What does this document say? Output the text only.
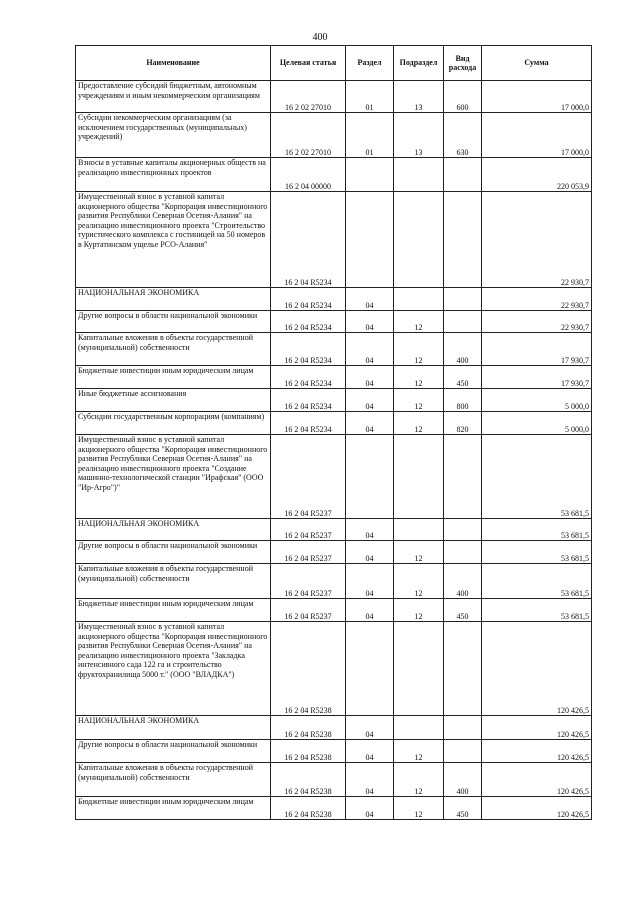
400
Наименование	Целевая статья	Раздел	Подраздел	Вид расхода	Сумма
Предоставление субсидий бюджетным, автономным учреждениям и иным некоммерческим организациям	16 2 02 27010	01	13	600	17 000,0
Субсидии некоммерческим организациям (за исключением государственных (муниципальных) учреждений)	16 2 02 27010	01	13	630	17 000,0
Взносы в уставные капиталы акционерных обществ на реализацию инвестиционных проектов	16 2 04 00000				220 053,9
Имущественный взнос в уставной капитал акционерного общества "Корпорация инвестиционного развития Республики Северная Осетия-Алания" на реализацию инвестиционного проекта "Строительство туристического комплекса с гостиницей на 50 номеров в Куртатинском ущелье РСО-Алания"	16 2 04 R5234				22 930,7
НАЦИОНАЛЬНАЯ ЭКОНОМИКА	16 2 04 R5234	04			22 930,7
Другие вопросы в области национальной экономики	16 2 04 R5234	04	12		22 930,7
Капитальные вложения в объекты государственной (муниципальной) собственности	16 2 04 R5234	04	12	400	17 930,7
Бюджетные инвестиции иным юридическим лицам	16 2 04 R5234	04	12	450	17 930,7
Иные бюджетные ассигнования	16 2 04 R5234	04	12	800	5 000,0
Субсидии государственным корпорациям (компаниям)	16 2 04 R5234	04	12	820	5 000,0
Имущественный взнос в уставной капитал акционерного общества "Корпорация инвестиционного развития Республики Северная Осетия-Алания" на реализацию инвестиционного проекта "Создание машинно-технологической станции "Ирафская" (ООО "Ир-Агро")"	16 2 04 R5237				53 681,5
НАЦИОНАЛЬНАЯ ЭКОНОМИКА	16 2 04 R5237	04			53 681,5
Другие вопросы в области национальной экономики	16 2 04 R5237	04	12		53 681,5
Капитальные вложения в объекты государственной (муниципальной) собственности	16 2 04 R5237	04	12	400	53 681,5
Бюджетные инвестиции иным юридическим лицам	16 2 04 R5237	04	12	450	53 681,5
Имущественный взнос в уставной капитал акционерного общества "Корпорация инвестиционного развития Республики Северная Осетия-Алания" на реализацию инвестиционного проекта "Закладка интенсивного сада 122 га и строительство фруктохранилища 5000 т." (ООО "ВЛАДКА")	16 2 04 R5238				120 426,5
НАЦИОНАЛЬНАЯ ЭКОНОМИКА	16 2 04 R5238	04			120 426,5
Другие вопросы в области национальной экономики	16 2 04 R5238	04	12		120 426,5
Капитальные вложения в объекты государственной (муниципальной) собственности	16 2 04 R5238	04	12	400	120 426,5
Бюджетные инвестиции иным юридическим лицам	16 2 04 R5238	04	12	450	120 426,5
